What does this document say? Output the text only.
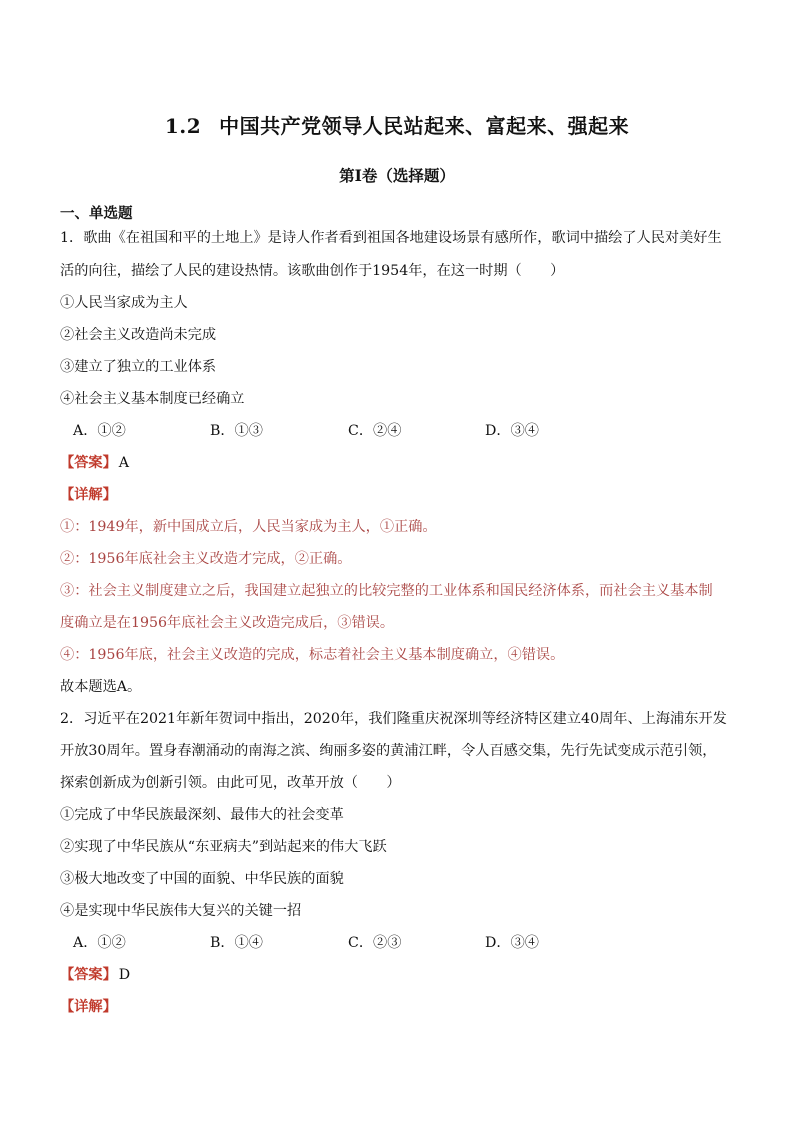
1.2 中国共产党领导人民站起来、富起来、强起来
第I卷（选择题）
一、单选题
1．歌曲《在祖国和平的土地上》是诗人作者看到祖国各地建设场景有感所作，歌词中描绘了人民对美好生
活的向往，描绘了人民的建设热情。该歌曲创作于1954年，在这一时期（　　）
①人民当家成为主人
②社会主义改造尚未完成
③建立了独立的工业体系
④社会主义基本制度已经确立
A．①②	B．①③	C．②④	D．③④
【答案】 A
【详解】
①：1949年，新中国成立后，人民当家成为主人，①正确。
②：1956年底社会主义改造才完成，②正确。
③：社会主义制度建立之后，我国建立起独立的比较完整的工业体系和国民经济体系，而社会主义基本制
度确立是在1956年底社会主义改造完成后，③错误。
④：1956年底，社会主义改造的完成，标志着社会主义基本制度确立，④错误。
故本题选A。
2．习近平在2021年新年贺词中指出，2020年，我们隆重庆祝深圳等经济特区建立40周年、上海浦东开发
开放30周年。置身春潮涌动的南海之滨、绚丽多姿的黄浦江畔，令人百感交集，先行先试变成示范引领，
探索创新成为创新引领。由此可见，改革开放（　　）
①完成了中华民族最深刻、最伟大的社会变革
②实现了中华民族从“东亚病夫”到站起来的伟大飞跃
③极大地改变了中国的面貌、中华民族的面貌
④是实现中华民族伟大复兴的关键一招
A．①②	B．①④	C．②③	D．③④
【答案】 D
【详解】
